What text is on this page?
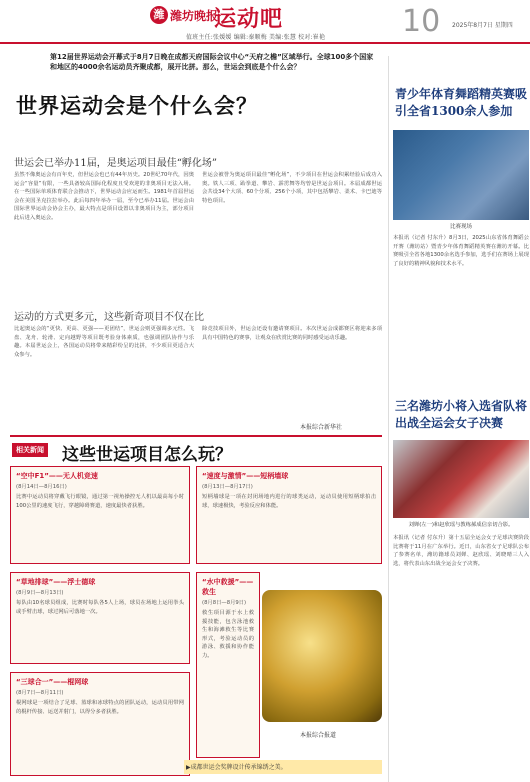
潍 潍坊晚报
运动吧	10 2025年8月7日 星期四
值班主任:张媛媛 编辑:秦顺梅 美编:张慧 校对:崔艳
第12届世界运动会开幕式于8月7日晚在成都天府国际会议中心“天府之檐”区域举行。全球100多个国家和地区的4000余名运动员齐聚成都，展开比拼。那么，世运会到底是个什么会？
世界运动会是个什么会？
世运会已举办11届，是奥运项目最佳“孵化场”
虽然不像奥运会有百年史，但世运会也已有44年历史。20世纪70年代，因奥运会“容量”有限，一些具备较高国际化程度且受欢迎的非奥项目无法入场。在一些国际单项体育联合会推动下，世界运动会应运而生。1981年首届世运会在美国圣克拉拉举办。此后每四年举办一届，至今已举办11届。世运会由国际世界运动会协会主办，最大特点是项目设置以非奥项目为主，部分项目此后进入奥运会。
世运会被誉为奥运项目最佳“孵化场”，不少项目在世运会积累经验后成功入奥。铁人三项、跆拳道、攀岩、霹雳舞等均曾是世运会项目。本届成都世运会共设34个大项、60个分项、256个小项，其中包括攀岩、柔术、卡巴迪等特色项目。
运动的方式更多元，这些新奇项目不仅在比
比起奥运会的“更快、更高、更强——更团结”，世运会则更强调多元性。飞盘、龙舟、轮滑、定向越野等项目既考验身体素质，也强调团队协作与乐趣。本届世运会上，各国运动员将带来精彩纷呈的比拼，不少项目更适合大众参与。
除竞技项目外，世运会还设有邀请赛项目。本次世运会成都赛区将迎来多项具有中国特色的赛事，让观众在欣赏比赛的同时感受运动乐趣。
本报综合新华社
相关新闻 这些世运项目怎么玩？
“空中F1”——无人机竞速
(8月14日—8月16日)
比赛中运动员将穿戴飞行眼镜，通过第一视角操控无人机以最高每小时100公里的速度飞行，穿越障碍赛道，速度最快者获胜。
“草地排球”——浮士德球
(8月9日—8月13日)
每队由10名球员组成，比赛时每队各5人上场，球员在场地上运用拳头或手臂击球，球过网后可落地一次。
“三球合一”——棍网球
(8月7日—8月11日)
棍网球是一项结合了足球、篮球和冰球特点的团队运动，运动员用带网的棍杆传接、运送并射门，以得分多者获胜。
“速度与激情”——短柄墙球
(8月13日—8月17日)
短柄墙球是一项在封闭场地内进行的球类运动，运动员使用短柄球拍击球，球速极快，考验反应和体能。
“水中救援”——救生
(8月8日—8月9日)
救生项目源于水上救援技能，包含泳池救生和海滩救生等比赛形式，考验运动员的游泳、救援和协作能力。
本报综合报道
▶成都世运会奖牌设计传承锦绣之美。
青少年体育舞蹈精英赛吸引全省1300余人参加
比赛现场
本报讯（记者 付东升）8月3日，2025山东省体育舞蹈公开赛（潍坊站）暨青少年体育舞蹈精英赛在潍坊开幕。比赛吸引全省各地1300余名选手参加，选手们在赛场上展现了良好的精神风貌和技术水平。
三名潍坊小将入选省队将出战全运会女子决赛
刘婵(左一)和赵欣瑶与教练郝成信亲切合影。
本报讯（记者 付东升）第十五届全运会女子足球决赛阶段比赛将于11月在广东举行。近日，山东省女子足球队公布了参赛名单，潍坊籍球员刘婵、赵欣瑶、刘晓晴三人入选，将代表山东出战全运会女子决赛。
